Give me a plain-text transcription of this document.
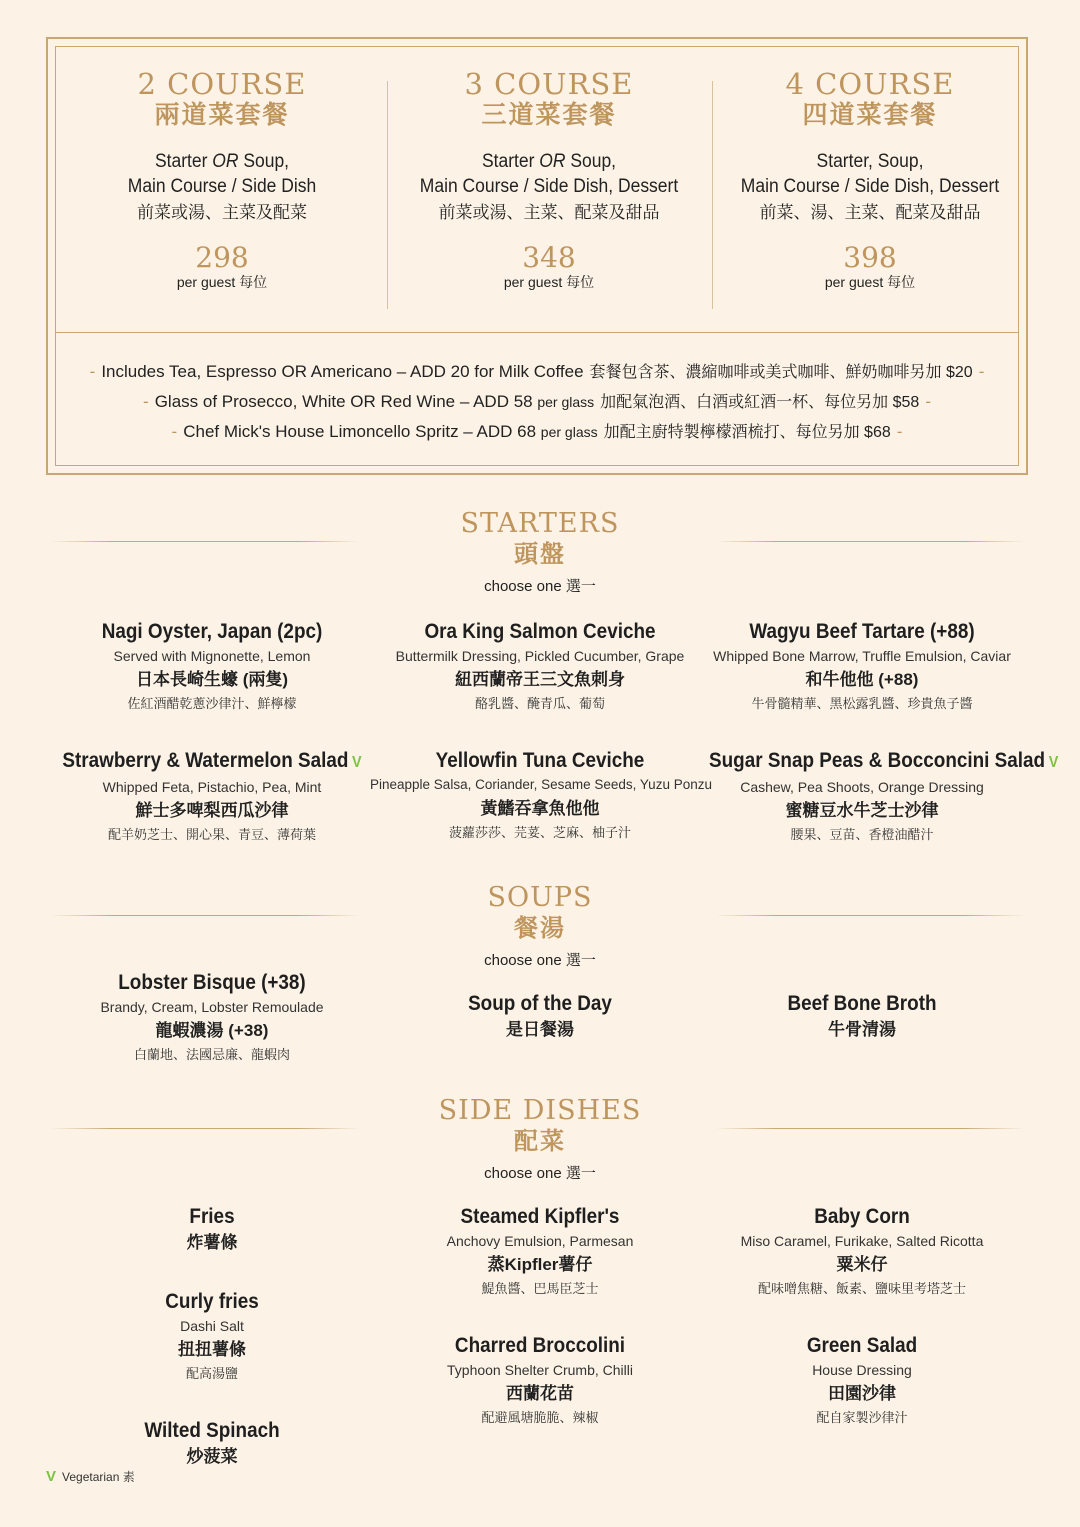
2 COURSE
兩道菜套餐
Starter OR Soup,
Main Course / Side Dish
前菜或湯、主菜及配菜
298
per guest 每位
3 COURSE
三道菜套餐
Starter OR Soup,
Main Course / Side Dish, Dessert
前菜或湯、主菜、配菜及甜品
348
per guest 每位
4 COURSE
四道菜套餐
Starter, Soup,
Main Course / Side Dish, Dessert
前菜、湯、主菜、配菜及甜品
398
per guest 每位
- Includes Tea, Espresso OR Americano – ADD 20 for Milk Coffee 套餐包含茶、濃縮咖啡或美式咖啡、鮮奶咖啡另加 $20 -
- Glass of Prosecco, White OR Red Wine – ADD 58 per glass 加配氣泡酒、白酒或紅酒一杯、每位另加 $58 -
- Chef Mick's House Limoncello Spritz – ADD 68 per glass 加配主廚特製檸檬酒梳打、每位另加 $68 -
STARTERS
頭盤
choose one 選一
Nagi Oyster, Japan (2pc)
Served with Mignonette, Lemon
日本長崎生蠔 (兩隻)
佐紅酒醋乾蔥沙律汁、鮮檸檬
Ora King Salmon Ceviche
Buttermilk Dressing, Pickled Cucumber, Grape
紐西蘭帝王三文魚刺身
酪乳醬、醃青瓜、葡萄
Wagyu Beef Tartare (+88)
Whipped Bone Marrow, Truffle Emulsion, Caviar
和牛他他 (+88)
牛骨髓精華、黑松露乳醬、珍貴魚子醬
Strawberry & Watermelon Salad V
Whipped Feta, Pistachio, Pea, Mint
鮮士多啤梨西瓜沙律
配羊奶芝士、開心果、青豆、薄荷葉
Yellowfin Tuna Ceviche
Pineapple Salsa, Coriander, Sesame Seeds, Yuzu Ponzu
黃鰭吞拿魚他他
菠蘿莎莎、芫荽、芝麻、柚子汁
Sugar Snap Peas & Bocconcini Salad V
Cashew, Pea Shoots, Orange Dressing
蜜糖豆水牛芝士沙律
腰果、豆苗、香橙油醋汁
SOUPS
餐湯
choose one 選一
Lobster Bisque (+38)
Brandy, Cream, Lobster Remoulade
龍蝦濃湯 (+38)
白蘭地、法國忌廉、龍蝦肉
Soup of the Day
是日餐湯
Beef Bone Broth
牛骨清湯
SIDE DISHES
配菜
choose one 選一
Fries
炸薯條
Curly fries
Dashi Salt
扭扭薯條
配高湯鹽
Wilted Spinach
炒菠菜
Steamed Kipfler's
Anchovy Emulsion, Parmesan
蒸Kipfler薯仔
鯷魚醬、巴馬臣芝士
Charred Broccolini
Typhoon Shelter Crumb, Chilli
西蘭花苗
配避風塘脆脆、辣椒
Baby Corn
Miso Caramel, Furikake, Salted Ricotta
粟米仔
配味噌焦糖、飯素、鹽味里考塔芝士
Green Salad
House Dressing
田園沙律
配自家製沙律汁
V Vegetarian 素
